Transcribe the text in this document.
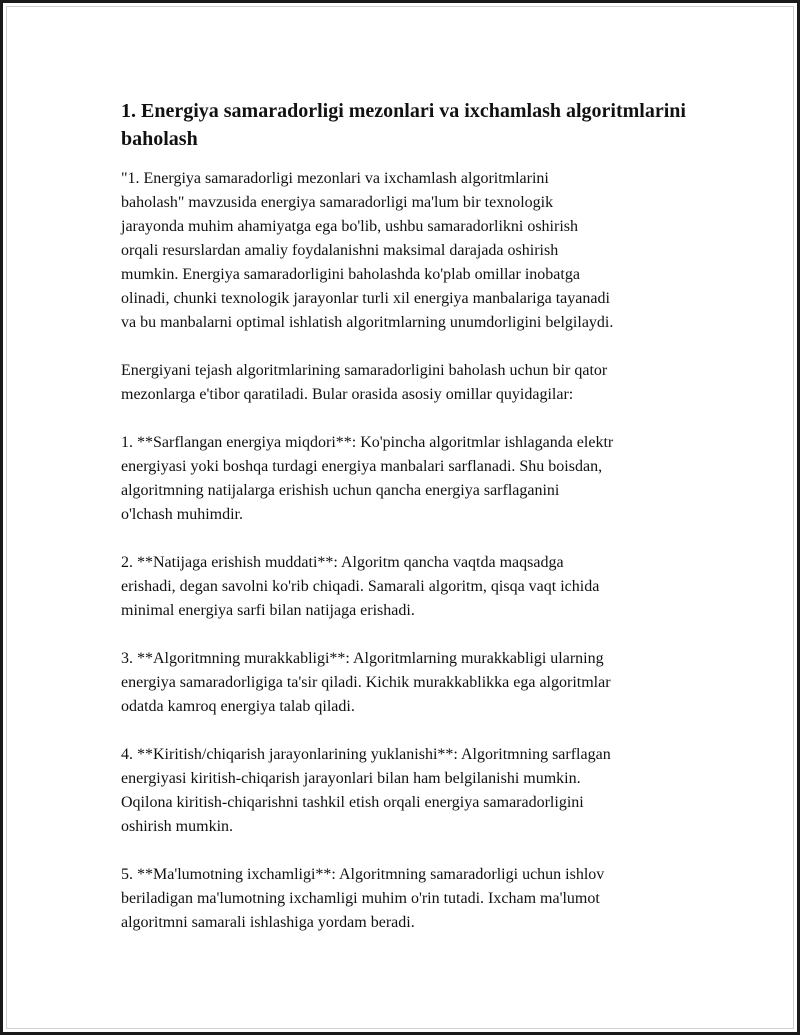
1. Energiya samaradorligi mezonlari va ixchamlash algoritmlarini baholash

"1. Energiya samaradorligi mezonlari va ixchamlash algoritmlarini
baholash" mavzusida energiya samaradorligi ma'lum bir texnologik
jarayonda muhim ahamiyatga ega bo'lib, ushbu samaradorlikni oshirish
orqali resurslardan amaliy foydalanishni maksimal darajada oshirish
mumkin. Energiya samaradorligini baholashda ko'plab omillar inobatga
olinadi, chunki texnologik jarayonlar turli xil energiya manbalariga tayanadi
va bu manbalarni optimal ishlatish algoritmlarning unumdorligini belgilaydi.

Energiyani tejash algoritmlarining samaradorligini baholash uchun bir qator
mezonlarga e'tibor qaratiladi. Bular orasida asosiy omillar quyidagilar:

1. **Sarflangan energiya miqdori**: Ko'pincha algoritmlar ishlaganda elektr
energiyasi yoki boshqa turdagi energiya manbalari sarflanadi. Shu boisdan,
algoritmning natijalarga erishish uchun qancha energiya sarflaganini
o'lchash muhimdir.

2. **Natijaga erishish muddati**: Algoritm qancha vaqtda maqsadga
erishadi, degan savolni ko'rib chiqadi. Samarali algoritm, qisqa vaqt ichida
minimal energiya sarfi bilan natijaga erishadi.

3. **Algoritmning murakkabligi**: Algoritmlarning murakkabligi ularning
energiya samaradorligiga ta'sir qiladi. Kichik murakkablikka ega algoritmlar
odatda kamroq energiya talab qiladi.

4. **Kiritish/chiqarish jarayonlarining yuklanishi**: Algoritmning sarflagan
energiyasi kiritish-chiqarish jarayonlari bilan ham belgilanishi mumkin.
Oqilona kiritish-chiqarishni tashkil etish orqali energiya samaradorligini
oshirish mumkin.

5. **Ma'lumotning ixchamligi**: Algoritmning samaradorligi uchun ishlov
beriladigan ma'lumotning ixchamligi muhim o'rin tutadi. Ixcham ma'lumot
algoritmni samarali ishlashiga yordam beradi.
